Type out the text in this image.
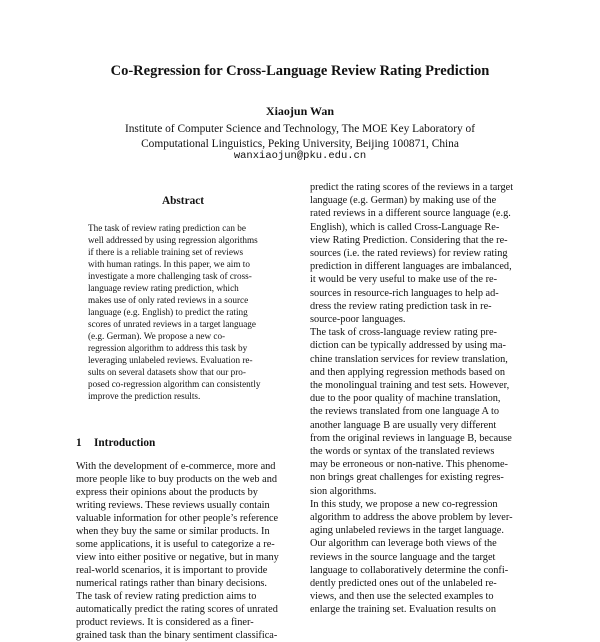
Co-Regression for Cross-Language Review Rating Prediction
Xiaojun Wan
Institute of Computer Science and Technology, The MOE Key Laboratory of
Computational Linguistics, Peking University, Beijing 100871, China
wanxiaojun@pku.edu.cn
Abstract
The task of review rating prediction can be
well addressed by using regression algorithms
if there is a reliable training set of reviews
with human ratings. In this paper, we aim to
investigate a more challenging task of cross-
language review rating prediction, which
makes use of only rated reviews in a source
language (e.g. English) to predict the rating
scores of unrated reviews in a target language
(e.g. German). We propose a new co-
regression algorithm to address this task by
leveraging unlabeled reviews. Evaluation re-
sults on several datasets show that our pro-
posed co-regression algorithm can consistently
improve the prediction results.
1 Introduction
With the development of e-commerce, more and
more people like to buy products on the web and
express their opinions about the products by
writing reviews. These reviews usually contain
valuable information for other people’s reference
when they buy the same or similar products. In
some applications, it is useful to categorize a re-
view into either positive or negative, but in many
real-world scenarios, it is important to provide
numerical ratings rather than binary decisions.
The task of review rating prediction aims to
automatically predict the rating scores of unrated
product reviews. It is considered as a finer-
grained task than the binary sentiment classifica-
predict the rating scores of the reviews in a target
language (e.g. German) by making use of the
rated reviews in a different source language (e.g.
English), which is called Cross-Language Re-
view Rating Prediction. Considering that the re-
sources (i.e. the rated reviews) for review rating
prediction in different languages are imbalanced,
it would be very useful to make use of the re-
sources in resource-rich languages to help ad-
dress the review rating prediction task in re-
source-poor languages.
The task of cross-language review rating pre-
diction can be typically addressed by using ma-
chine translation services for review translation,
and then applying regression methods based on
the monolingual training and test sets. However,
due to the poor quality of machine translation,
the reviews translated from one language A to
another language B are usually very different
from the original reviews in language B, because
the words or syntax of the translated reviews
may be erroneous or non-native. This phenome-
non brings great challenges for existing regres-
sion algorithms.
In this study, we propose a new co-regression
algorithm to address the above problem by lever-
aging unlabeled reviews in the target language.
Our algorithm can leverage both views of the
reviews in the source language and the target
language to collaboratively determine the confi-
dently predicted ones out of the unlabeled re-
views, and then use the selected examples to
enlarge the training set. Evaluation results on
